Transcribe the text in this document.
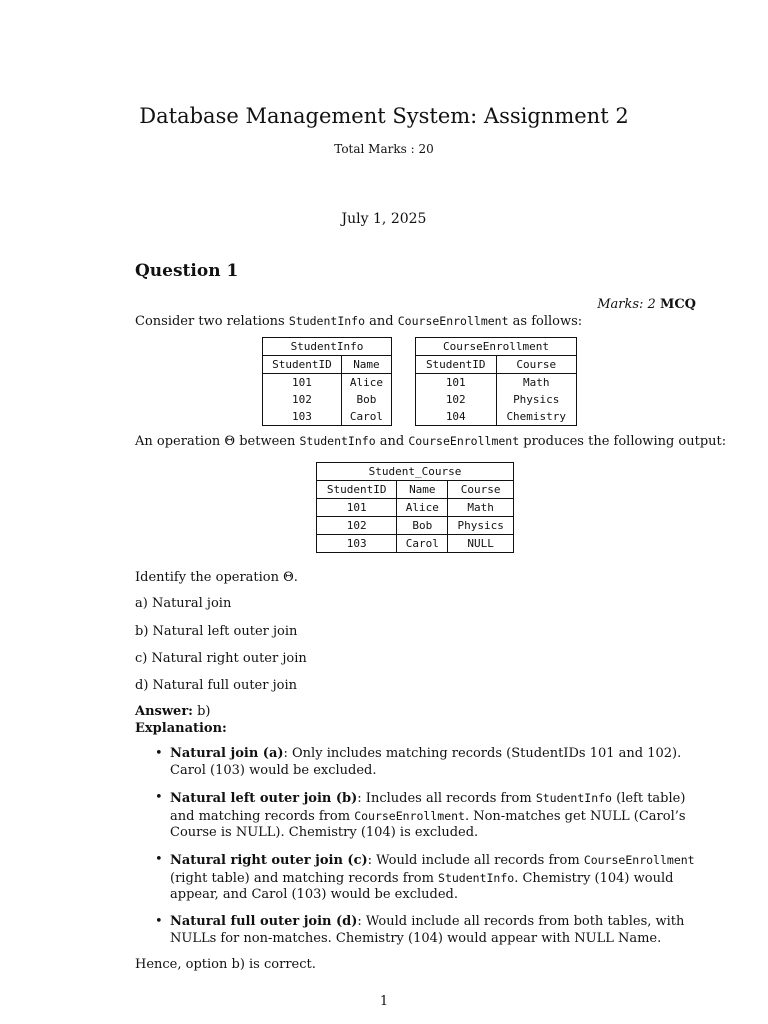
Database Management System: Assignment 2
Total Marks : 20
July 1, 2025
Question 1
Marks: 2 MCQ
Consider two relations StudentInfo and CourseEnrollment as follows:
StudentInfo	
StudentID	Name
101	Alice
102	Bob
103	Carol
CourseEnrollment	
StudentID	Course
101	Math
102	Physics
104	Chemistry
An operation Θ between StudentInfo and CourseEnrollment produces the following output:
Student_Course		
StudentID	Name	Course
101	Alice	Math
102	Bob	Physics
103	Carol	NULL
Identify the operation Θ.
a) Natural join
b) Natural left outer join
c) Natural right outer join
d) Natural full outer join
Answer: b)
Explanation:
• Natural join (a): Only includes matching records (StudentIDs 101 and 102). Carol (103) would be excluded.
• Natural left outer join (b): Includes all records from StudentInfo (left table) and matching records from CourseEnrollment. Non-matches get NULL (Carol’s Course is NULL). Chemistry (104) is excluded.
• Natural right outer join (c): Would include all records from CourseEnrollment (right table) and matching records from StudentInfo. Chemistry (104) would appear, and Carol (103) would be excluded.
• Natural full outer join (d): Would include all records from both tables, with NULLs for non-matches. Chemistry (104) would appear with NULL Name.
Hence, option b) is correct.
1
